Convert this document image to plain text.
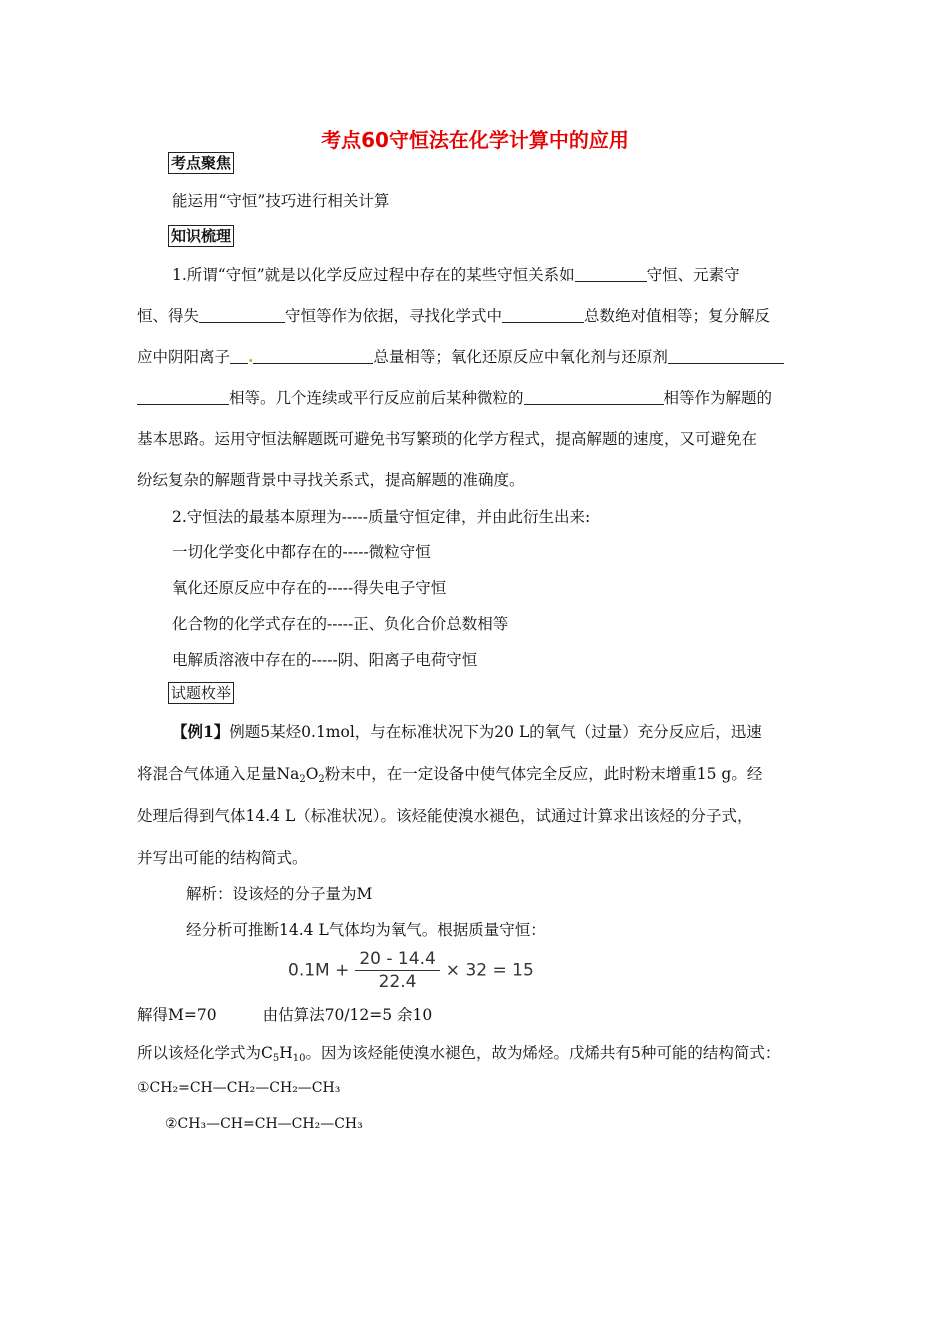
考点60守恒法在化学计算中的应用
考点聚焦
能运用“守恒”技巧进行相关计算
知识梳理
1.所谓“守恒”就是以化学反应过程中存在的某些守恒关系如	守恒、元素守
恒、得失	守恒等作为依据，寻找化学式中	总数绝对值相等；复分解反
应中阴阳离子 .	总量相等；氧化还原反应中氧化剂与还原剂
相等。几个连续或平行反应前后某种微粒的	相等作为解题的
基本思路。运用守恒法解题既可避免书写繁琐的化学方程式，提高解题的速度，又可避免在
纷纭复杂的解题背景中寻找关系式，提高解题的准确度。
2.守恒法的最基本原理为-----质量守恒定律，并由此衍生出来:
一切化学变化中都存在的-----微粒守恒
氧化还原反应中存在的-----得失电子守恒
化合物的化学式存在的-----正、负化合价总数相等
电解质溶液中存在的-----阴、阳离子电荷守恒
试题枚举
【例1】例题5某烃0.1mol，与在标准状况下为20 L的氧气（过量）充分反应后，迅速
将混合气体通入足量$Na_2O_2$粉末中，在一定设备中使气体完全反应，此时粉末增重15 g。经
处理后得到气体14.4 L（标准状况）。该烃能使溴水褪色，试通过计算求出该烃的分子式，
并写出可能的结构简式。
解析：设该烃的分子量为M
经分析可推断14.4 L气体均为氧气。根据质量守恒：
$0.1M + \frac{20 - 14.4}{22.4} \times 32 = 15$
解得M=70	由估算法70/12=5 余10
所以该烃化学式为$C_5H_{10}$。因为该烃能使溴水褪色，故为烯烃。戊烯共有5种可能的结构简式：
①CH₂=CH—CH₂—CH₂—CH₃
②CH₃—CH=CH—CH₂—CH₃
